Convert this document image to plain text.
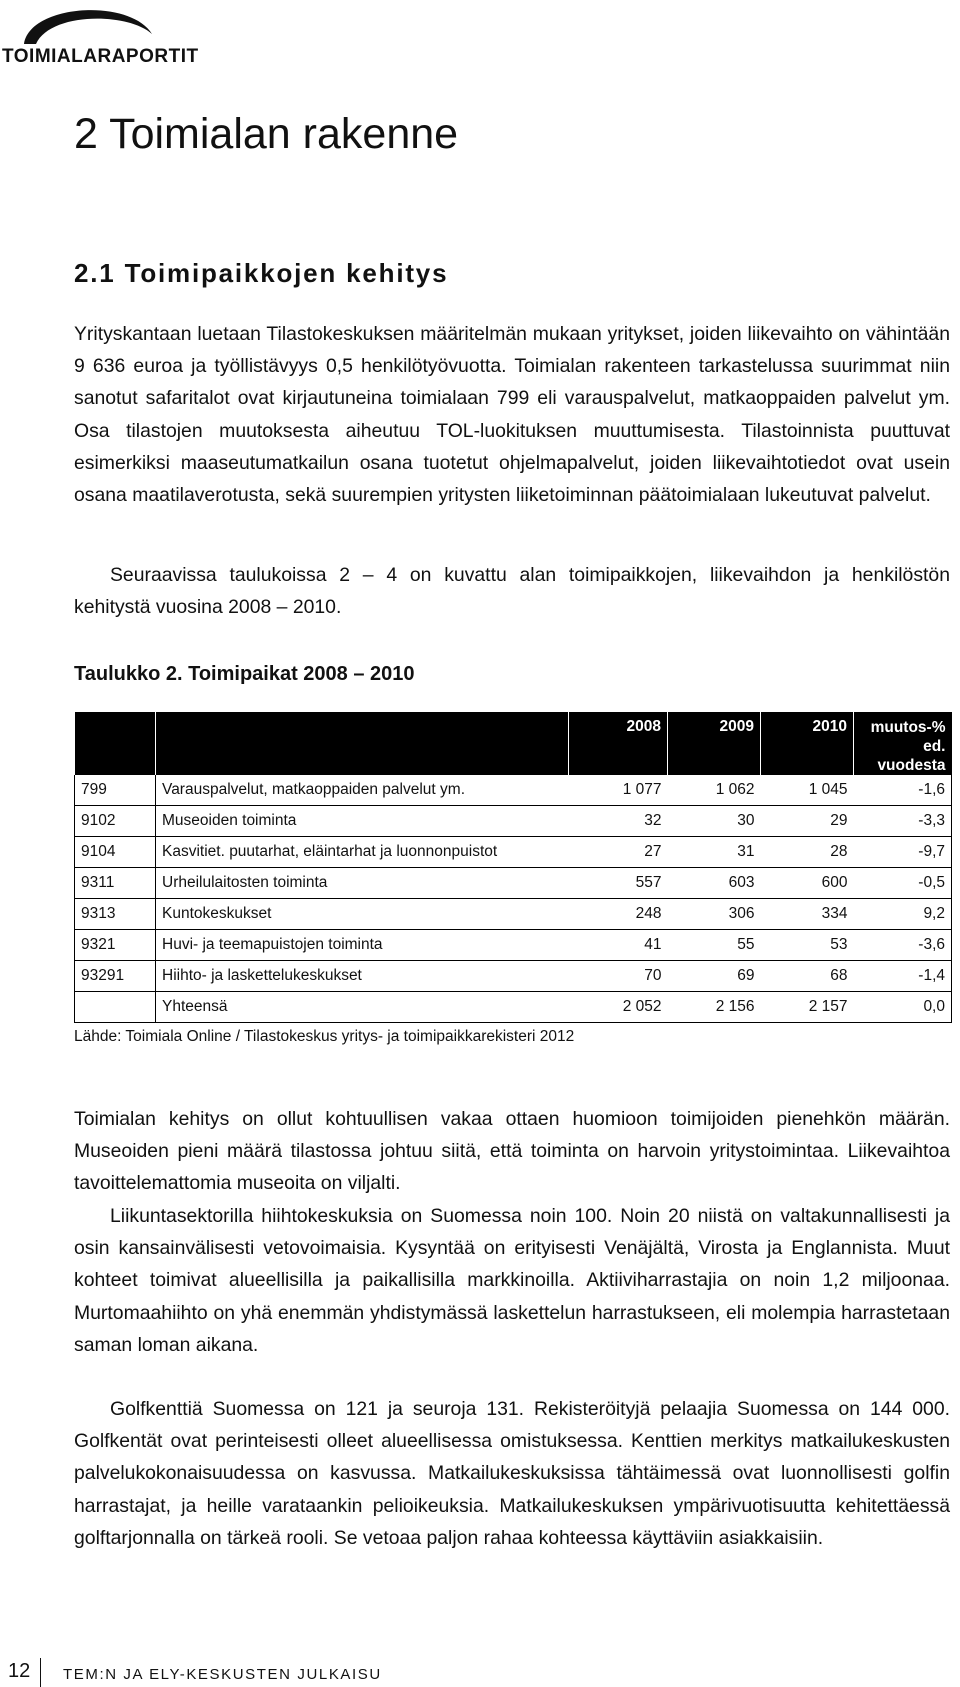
TOIMIALARAPORTIT
2 Toimialan rakenne
2.1 Toimipaikkojen kehitys

Yrityskantaan luetaan Tilastokeskuksen määritelmän mukaan yritykset, joiden liikevaihto on vähintään 9 636 euroa ja työllistävyys 0,5 henkilötyövuotta. Toimialan rakenteen tarkastelussa suurimmat niin sanotut safaritalot ovat kirjautuneina toimialaan 799 eli varauspalvelut, matkaoppaiden palvelut ym. Osa tilastojen muutoksesta aiheutuu TOL-luokituksen muuttumisesta. Tilastoinnista puuttuvat esimerkiksi maaseutumatkailun osana tuotetut ohjelmapalvelut, joiden liikevaihtotiedot ovat usein osana maatilaverotusta, sekä suurempien yritysten liiketoiminnan päätoimialaan lukeutuvat palvelut.

Seuraavissa taulukoissa 2 – 4 on kuvattu alan toimipaikkojen, liikevaihdon ja henkilöstön kehitystä vuosina 2008 – 2010.

Taulukko 2. Toimipaikat 2008 – 2010
		2008	2009	2010	muutos-% ed. vuodesta
799	Varauspalvelut, matkaoppaiden palvelut ym.	1 077	1 062	1 045	-1,6
9102	Museoiden toiminta	32	30	29	-3,3
9104	Kasvitiet. puutarhat, eläintarhat ja luonnonpuistot	27	31	28	-9,7
9311	Urheilulaitosten toiminta	557	603	600	-0,5
9313	Kuntokeskukset	248	306	334	9,2
9321	Huvi- ja teemapuistojen toiminta	41	55	53	-3,6
93291	Hiihto- ja laskettelukeskukset	70	69	68	-1,4
	Yhteensä	2 052	2 156	2 157	0,0
Lähde: Toimiala Online / Tilastokeskus yritys- ja toimipaikkarekisteri 2012

Toimialan kehitys on ollut kohtuullisen vakaa ottaen huomioon toimijoiden pienehkön määrän. Museoiden pieni määrä tilastossa johtuu siitä, että toiminta on harvoin yritystoimintaa. Liikevaihtoa tavoittelemattomia museoita on viljalti.

Liikuntasektorilla hiihtokeskuksia on Suomessa noin 100. Noin 20 niistä on valtakunnallisesti ja osin kansainvälisesti vetovoimaisia. Kysyntää on erityisesti Venäjältä, Virosta ja Englannista. Muut kohteet toimivat alueellisilla ja paikallisilla markkinoilla. Aktiiviharrastajia on noin 1,2 miljoonaa. Murtomaahiihto on yhä enemmän yhdistymässä laskettelun harrastukseen, eli molempia harrastetaan saman loman aikana.

Golfkenttiä Suomessa on 121 ja seuroja 131. Rekisteröityjä pelaajia Suomessa on 144 000. Golfkentät ovat perinteisesti olleet alueellisessa omistuksessa. Kenttien merkitys matkailukeskusten palvelukokonaisuudessa on kasvussa. Matkailukeskuksissa tähtäimessä ovat luonnollisesti golfin harrastajat, ja heille varataankin pelioikeuksia. Matkailukeskuksen ympärivuotisuutta kehitettäessä golftarjonnalla on tärkeä rooli. Se vetoaa paljon rahaa kohteessa käyttäviin asiakkaisiin.

12 TEM:N JA ELY-KESKUSTEN JULKAISU
